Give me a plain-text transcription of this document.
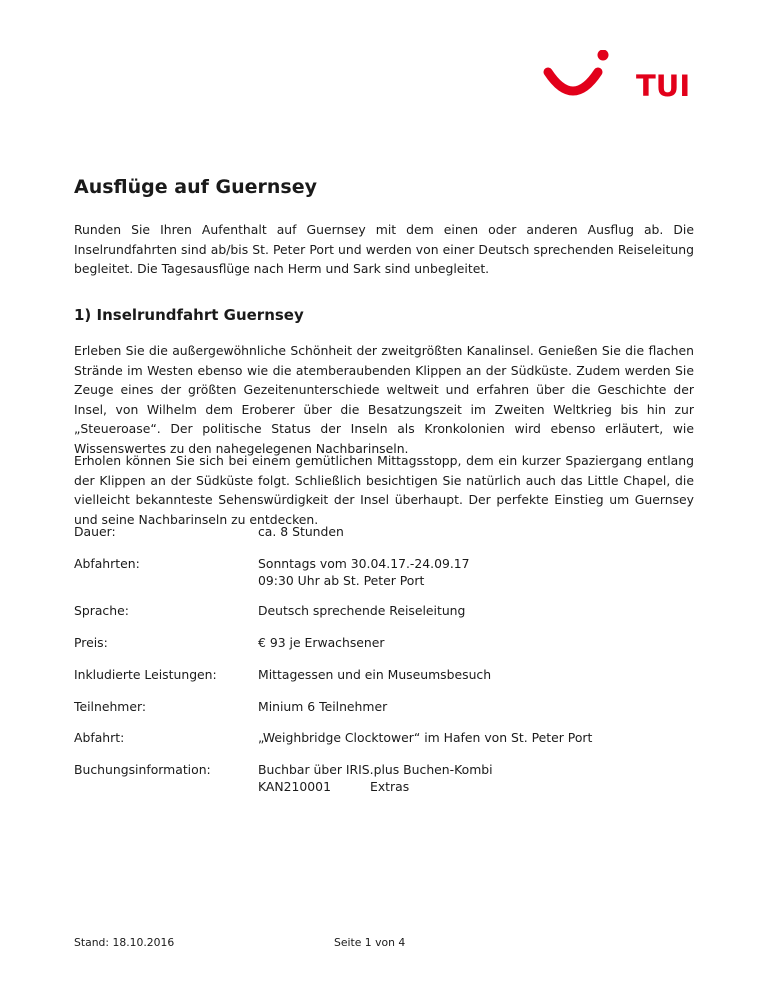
TUI
Ausflüge auf Guernsey

Runden Sie Ihren Aufenthalt auf Guernsey mit dem einen oder anderen Ausflug ab. Die Inselrundfahrten sind ab/bis St. Peter Port und werden von einer Deutsch sprechenden Reiseleitung begleitet. Die Tagesausflüge nach Herm und Sark sind unbegleitet.

1) Inselrundfahrt Guernsey

Erleben Sie die außergewöhnliche Schönheit der zweitgrößten Kanalinsel. Genießen Sie die flachen Strände im Westen ebenso wie die atemberaubenden Klippen an der Südküste. Zudem werden Sie Zeuge eines der größten Gezeitenunterschiede weltweit und erfahren über die Geschichte der Insel, von Wilhelm dem Eroberer über die Besatzungszeit im Zweiten Weltkrieg bis hin zur „Steueroase“. Der politische Status der Inseln als Kronkolonien wird ebenso erläutert, wie Wissenswertes zu den nahegelegenen Nachbarinseln.

Erholen können Sie sich bei einem gemütlichen Mittagsstopp, dem ein kurzer Spaziergang entlang der Klippen an der Südküste folgt. Schließlich besichtigen Sie natürlich auch das Little Chapel, die vielleicht bekannteste Sehenswürdigkeit der Insel überhaupt. Der perfekte Einstieg um Guernsey und seine Nachbarinseln zu entdecken.

Dauer:	ca. 8 Stunden
Abfahrten:	Sonntags vom 30.04.17.-24.09.17
09:30 Uhr ab St. Peter Port
Sprache:	Deutsch sprechende Reiseleitung
Preis:	€ 93 je Erwachsener
Inkludierte Leistungen:	Mittagessen und ein Museumsbesuch
Teilnehmer:	Minium 6 Teilnehmer
Abfahrt:	„Weighbridge Clocktower“ im Hafen von St. Peter Port
Buchungsinformation:	Buchbar über IRIS.plus Buchen-Kombi
KAN210001	Extras
Stand: 18.10.2016	Seite 1 von 4
